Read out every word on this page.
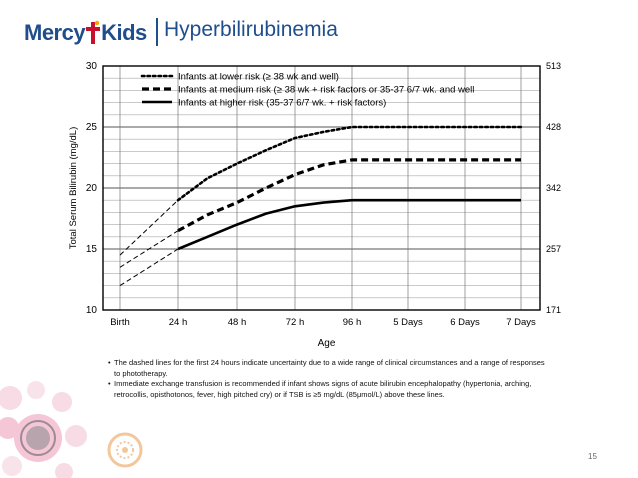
Mercy Kids Hyperbilirubinemia
10
15
20
25
30
171
257
342
428
513
Birth	24 h	48 h	72 h	96 h	5 Days	6 Days	7 Days
Infants at lower risk (≥ 38 wk and well)
Infants at medium risk (≥ 38 wk + risk factors or 35-37 6/7 wk. and well
Infants at higher risk (35-37 6/7 wk. + risk factors)
Total Serum Bilirubin (mg/dL)
Age
• The dashed lines for the first 24 hours indicate uncertainty due to a wide range of clinical circumstances and a range of responses to phototherapy.
• Immediate exchange transfusion is recommended if infant shows signs of acute bilirubin encephalopathy (hypertonia, arching, retrocollis, opisthotonos, fever, high pitched cry) or if TSB is ≥5 mg/dL (85μmol/L) above these lines.
15
